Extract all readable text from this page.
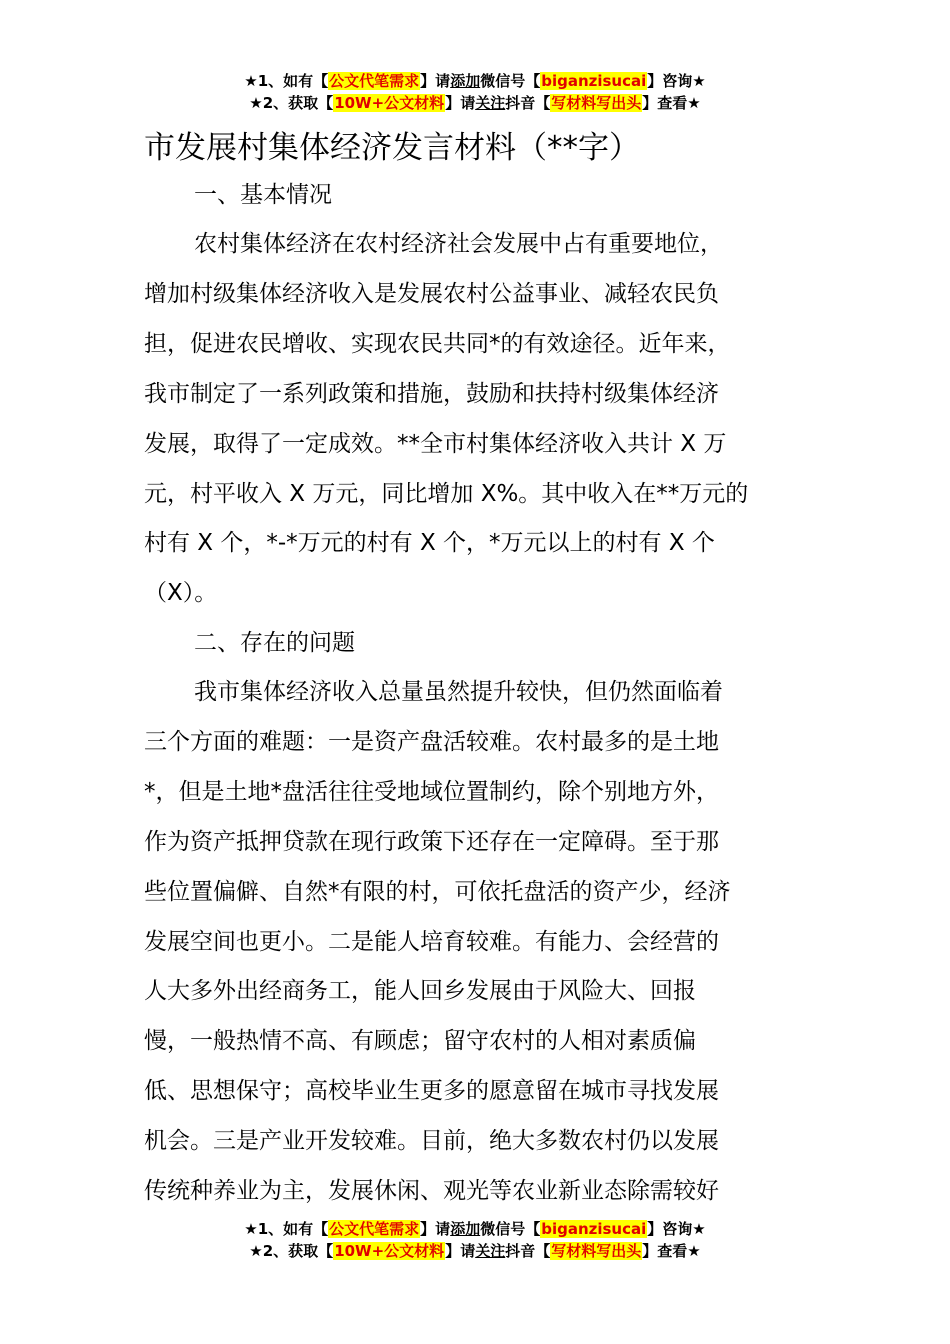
★1、如有【公文代笔需求】请添加微信号【biganzisucai】咨询★
★2、获取【10W+公文材料】请关注抖音【写材料写出头】查看★
市发展村集体经济发言材料（**字）
一、基本情况
农村集体经济在农村经济社会发展中占有重要地位，
增加村级集体经济收入是发展农村公益事业、减轻农民负
担，促进农民增收、实现农民共同*的有效途径。近年来，
我市制定了一系列政策和措施，鼓励和扶持村级集体经济
发展，取得了一定成效。**全市村集体经济收入共计 X 万
元，村平收入 X 万元，同比增加 X%。其中收入在**万元的
村有 X 个，*-*万元的村有 X 个，*万元以上的村有 X 个
（X）。
二、存在的问题
我市集体经济收入总量虽然提升较快，但仍然面临着
三个方面的难题：一是资产盘活较难。农村最多的是土地
*，但是土地*盘活往往受地域位置制约，除个别地方外，
作为资产抵押贷款在现行政策下还存在一定障碍。至于那
些位置偏僻、自然*有限的村，可依托盘活的资产少，经济
发展空间也更小。二是能人培育较难。有能力、会经营的
人大多外出经商务工，能人回乡发展由于风险大、回报
慢，一般热情不高、有顾虑；留守农村的人相对素质偏
低、思想保守；高校毕业生更多的愿意留在城市寻找发展
机会。三是产业开发较难。目前，绝大多数农村仍以发展
传统种养业为主，发展休闲、观光等农业新业态除需较好
★1、如有【公文代笔需求】请添加微信号【biganzisucai】咨询★
★2、获取【10W+公文材料】请关注抖音【写材料写出头】查看★
